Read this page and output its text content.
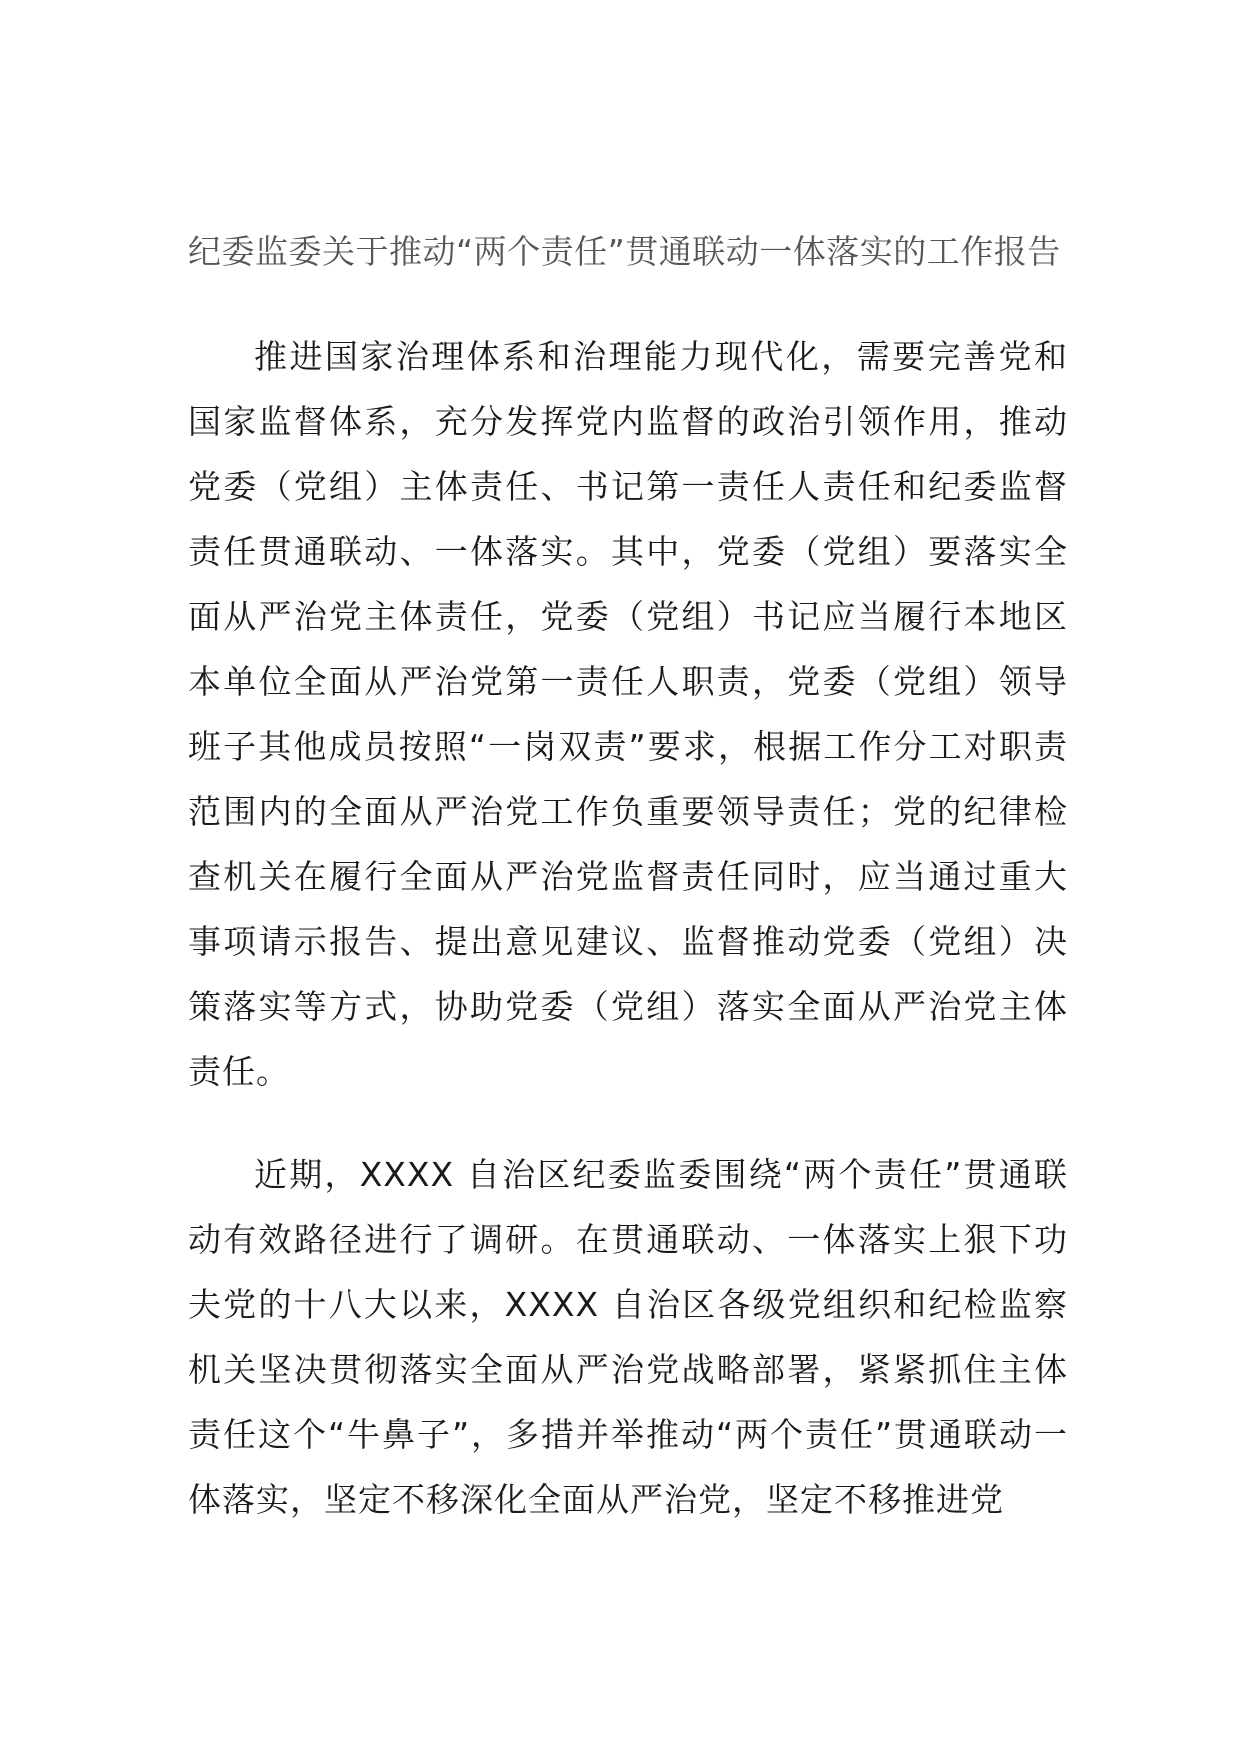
纪委监委关于推动“两个责任”贯通联动一体落实的工作报告

推进国家治理体系和治理能力现代化，需要完善党和国家监督体系，充分发挥党内监督的政治引领作用，推动党委（党组）主体责任、书记第一责任人责任和纪委监督责任贯通联动、一体落实。其中，党委（党组）要落实全面从严治党主体责任，党委（党组）书记应当履行本地区本单位全面从严治党第一责任人职责，党委（党组）领导班子其他成员按照“一岗双责”要求，根据工作分工对职责范围内的全面从严治党工作负重要领导责任；党的纪律检查机关在履行全面从严治党监督责任同时，应当通过重大事项请示报告、提出意见建议、监督推动党委（党组）决策落实等方式，协助党委（党组）落实全面从严治党主体责任。

近期，XXXX 自治区纪委监委围绕“两个责任”贯通联动有效路径进行了调研。在贯通联动、一体落实上狠下功夫党的十八大以来，XXXX 自治区各级党组织和纪检监察机关坚决贯彻落实全面从严治党战略部署，紧紧抓住主体责任这个“牛鼻子”，多措并举推动“两个责任”贯通联动一体落实，坚定不移深化全面从严治党，坚定不移推进党
